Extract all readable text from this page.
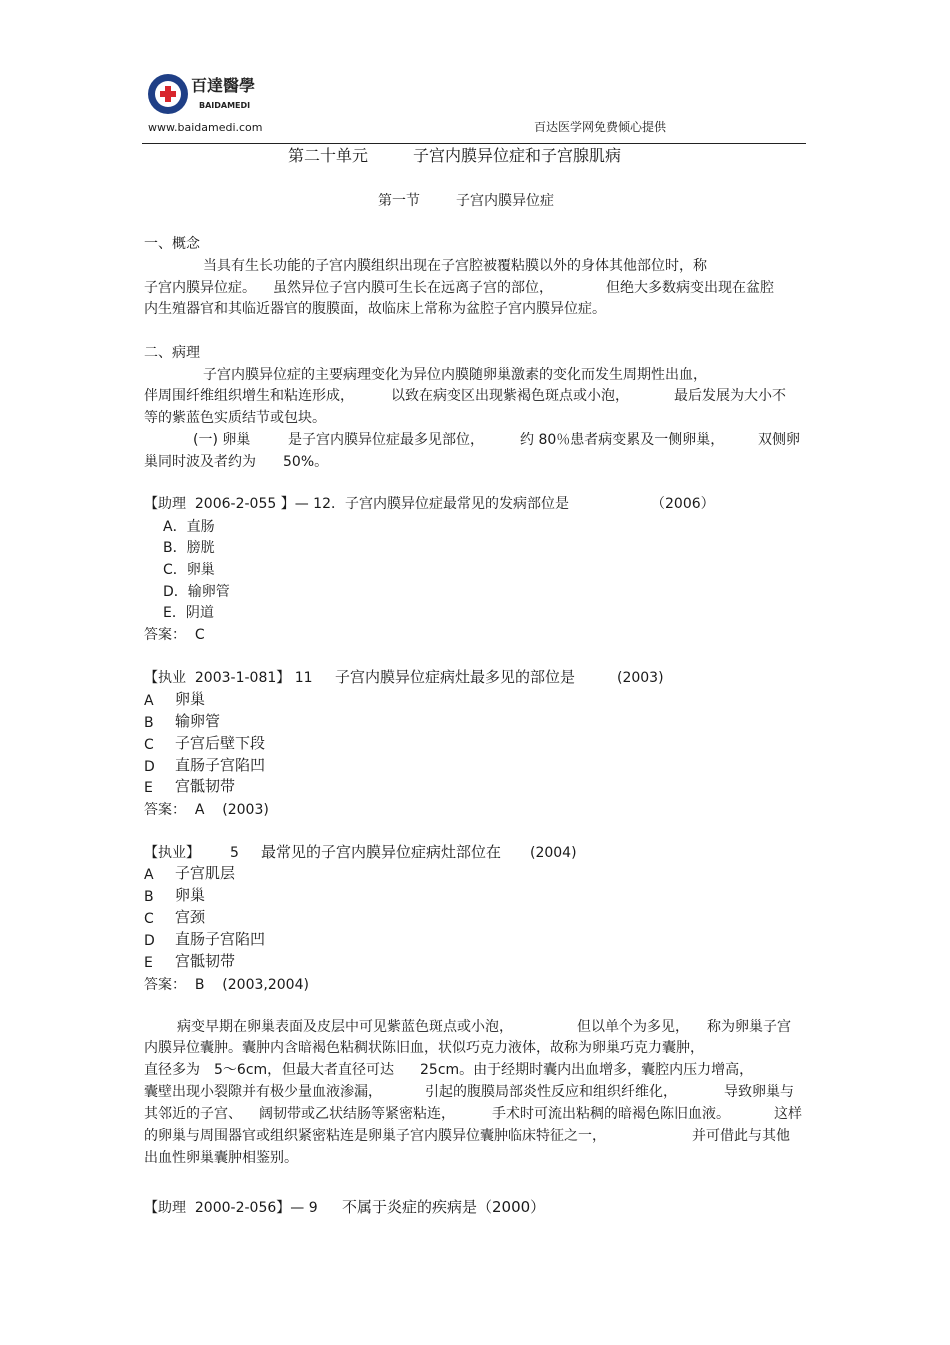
百達醫學
BAIDAMEDI
www.baidamedi.com	百达医学网免费倾心提供
第二十单元	子宫内膜异位症和子宫腺肌病
第一节	子宫内膜异位症
一、概念
当具有生长功能的子宫内膜组织出现在子宫腔被覆粘膜以外的身体其他部位时，称
子宫内膜异位症。 虽然异位子宫内膜可生长在远离子宫的部位，	但绝大多数病变出现在盆腔
内生殖器官和其临近器官的腹膜面，故临床上常称为盆腔子宫内膜异位症。
二、病理
子宫内膜异位症的主要病理变化为异位内膜随卵巢激素的变化而发生周期性出血，
伴周围纤维组织增生和粘连形成，	以致在病变区出现紫褐色斑点或小泡，	最后发展为大小不
等的紫蓝色实质结节或包块。
(一) 卵巢	是子宫内膜异位症最多见部位，	约 80％患者病变累及一侧卵巢， 双侧卵
巢同时波及者约为 50%。
【助理  2006-2-055 】— 12．子宫内膜异位症最常见的发病部位是	（2006）
A．直肠
B．膀胱
C．卵巢
D．输卵管
E．阴道
答案：  C
【执业  2003-1-081】 11 子宫内膜异位症病灶最多见的部位是	(2003)
A 卵巢
B 输卵管
C 子宫后壁下段
D 直肠子宫陷凹
E 宫骶韧带
答案：  A    (2003)
【执业】 5 最常见的子宫内膜异位症病灶部位在 (2004)
A 子宫肌层
B 卵巢
C 宫颈
D 直肠子宫陷凹
E 宫骶韧带
答案：  B    (2003,2004)
病变早期在卵巢表面及皮层中可见紫蓝色斑点或小泡，	但以单个为多见， 称为卵巢子宫
内膜异位囊肿。囊肿内含暗褐色粘稠状陈旧血，状似巧克力液体，故称为卵巢巧克力囊肿，
直径多为 5～6cm， 但最大者直径可达 25cm。由于经期时囊内出血增多，囊腔内压力增高，
囊壁出现小裂隙并有极少量血液渗漏，	引起的腹膜局部炎性反应和组织纤维化，	导致卵巢与
其邻近的子宫、 阔韧带或乙状结肠等紧密粘连，	手术时可流出粘稠的暗褐色陈旧血液。	这样
的卵巢与周围器官或组织紧密粘连是卵巢子宫内膜异位囊肿临床特征之一，	并可借此与其他
出血性卵巢囊肿相鉴别。
【助理  2000-2-056】— 9 不属于炎症的疾病是（2000）
